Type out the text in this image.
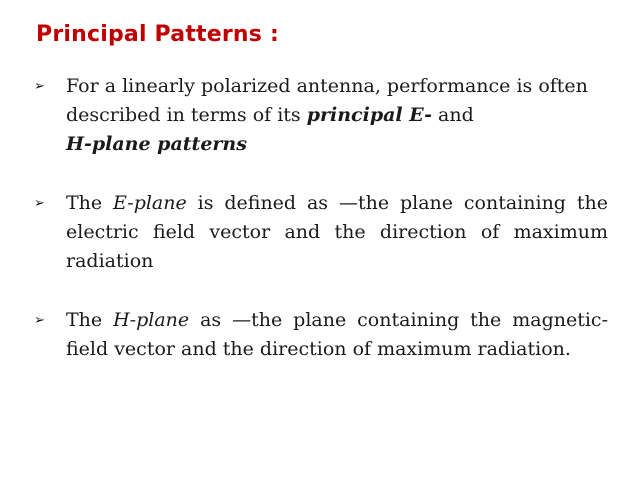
Principal Patterns :
➢ For a linearly polarized antenna, performance is often described in terms of its principal E- and
H-plane patterns
➢ The E-plane is defined as —the plane containing the electric field vector and the direction of maximum radiation
➢ The H-plane as —the plane containing the magnetic-field vector and the direction of maximum radiation.
